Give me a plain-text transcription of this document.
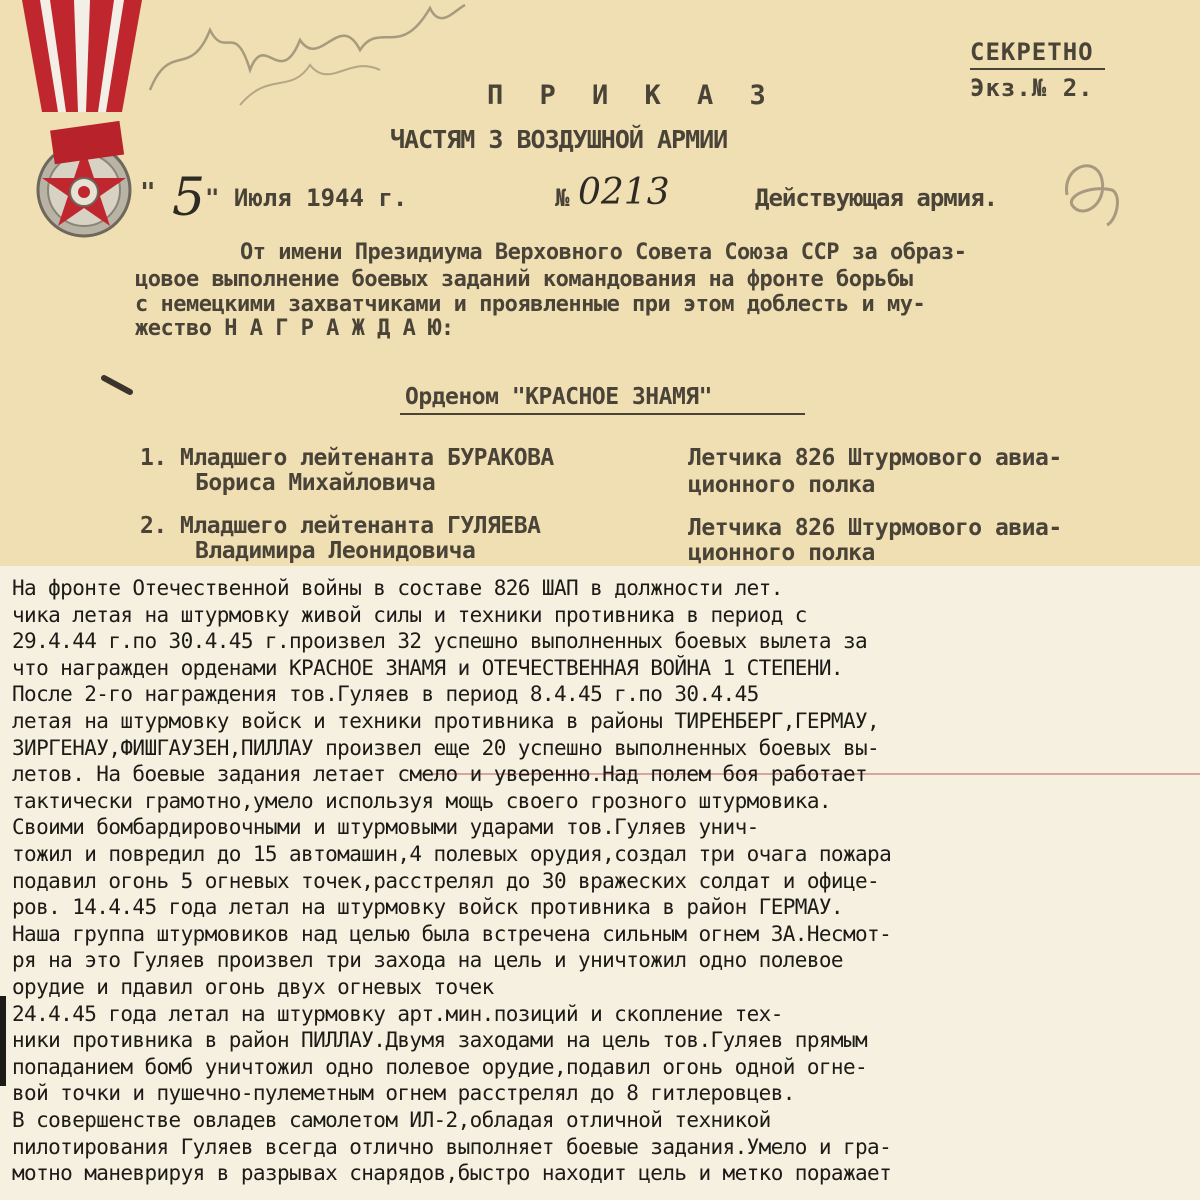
СЕКРЕТНО
Экз.№ 2.
П Р И К А З
ЧАСТЯМ 3 ВОЗДУШНОЙ АРМИИ
" 5 " Июля 1944 г.	№ 0213	Действующая армия.
От имени Президиума Верховного Совета Союза ССР за образ-
цовое выполнение боевых заданий командования на фронте борьбы
с немецкими захватчиками и проявленные при этом доблесть и му-
жество Н А Г Р А Ж Д А Ю:
Орденом "КРАСНОЕ ЗНАМЯ"
1. Младшего лейтенанта БУРАКОВА
Бориса Михайловича
Летчика 826 Штурмового авиа-
ционного полка
2. Младшего лейтенанта ГУЛЯЕВА
Владимира Леонидовича
Летчика 826 Штурмового авиа-
ционного полка
На фронте Отечественной войны в составе 826 ШАП в должности лет.
чика летая на штурмовку живой силы и техники противника в период с
29.4.44 г.по 30.4.45 г.произвел 32 успешно выполненных боевых вылета за
что награжден орденами КРАСНОЕ ЗНАМЯ и ОТЕЧЕСТВЕННАЯ ВОЙНА 1 СТЕПЕНИ.
После 2-го награждения тов.Гуляев в период 8.4.45 г.по 30.4.45
летая на штурмовку войск и техники противника в районы ТИРЕНБЕРГ,ГЕРМАУ,
ЗИРГЕНАУ,ФИШГАУЗЕН,ПИЛЛАУ произвел еще 20 успешно выполненных боевых вы-
летов. На боевые задания летает смело и уверенно.Над полем боя работает
тактически грамотно,умело используя мощь своего грозного штурмовика.
Своими бомбардировочными и штурмовыми ударами тов.Гуляев унич-
тожил и повредил до 15 автомашин,4 полевых орудия,создал три очага пожара
подавил огонь 5 огневых точек,расстрелял до 30 вражеских солдат и офице-
ров. 14.4.45 года летал на штурмовку войск противника в район ГЕРМАУ.
Наша группа штурмовиков над целью была встречена сильным огнем ЗА.Несмот-
ря на это Гуляев произвел три захода на цель и уничтожил одно полевое
орудие и пдавил огонь двух огневых точек
24.4.45 года летал на штурмовку арт.мин.позиций и скопление тех-
ники противника в район ПИЛЛАУ.Двумя заходами на цель тов.Гуляев прямым
попаданием бомб уничтожил одно полевое орудие,подавил огонь одной огне-
вой точки и пушечно-пулеметным огнем расстрелял до 8 гитлеровцев.
В совершенстве овладев самолетом ИЛ-2,обладая отличной техникой
пилотирования Гуляев всегда отлично выполняет боевые задания.Умело и гра-
мотно маневрируя в разрывах снарядов,быстро находит цель и метко поражает
